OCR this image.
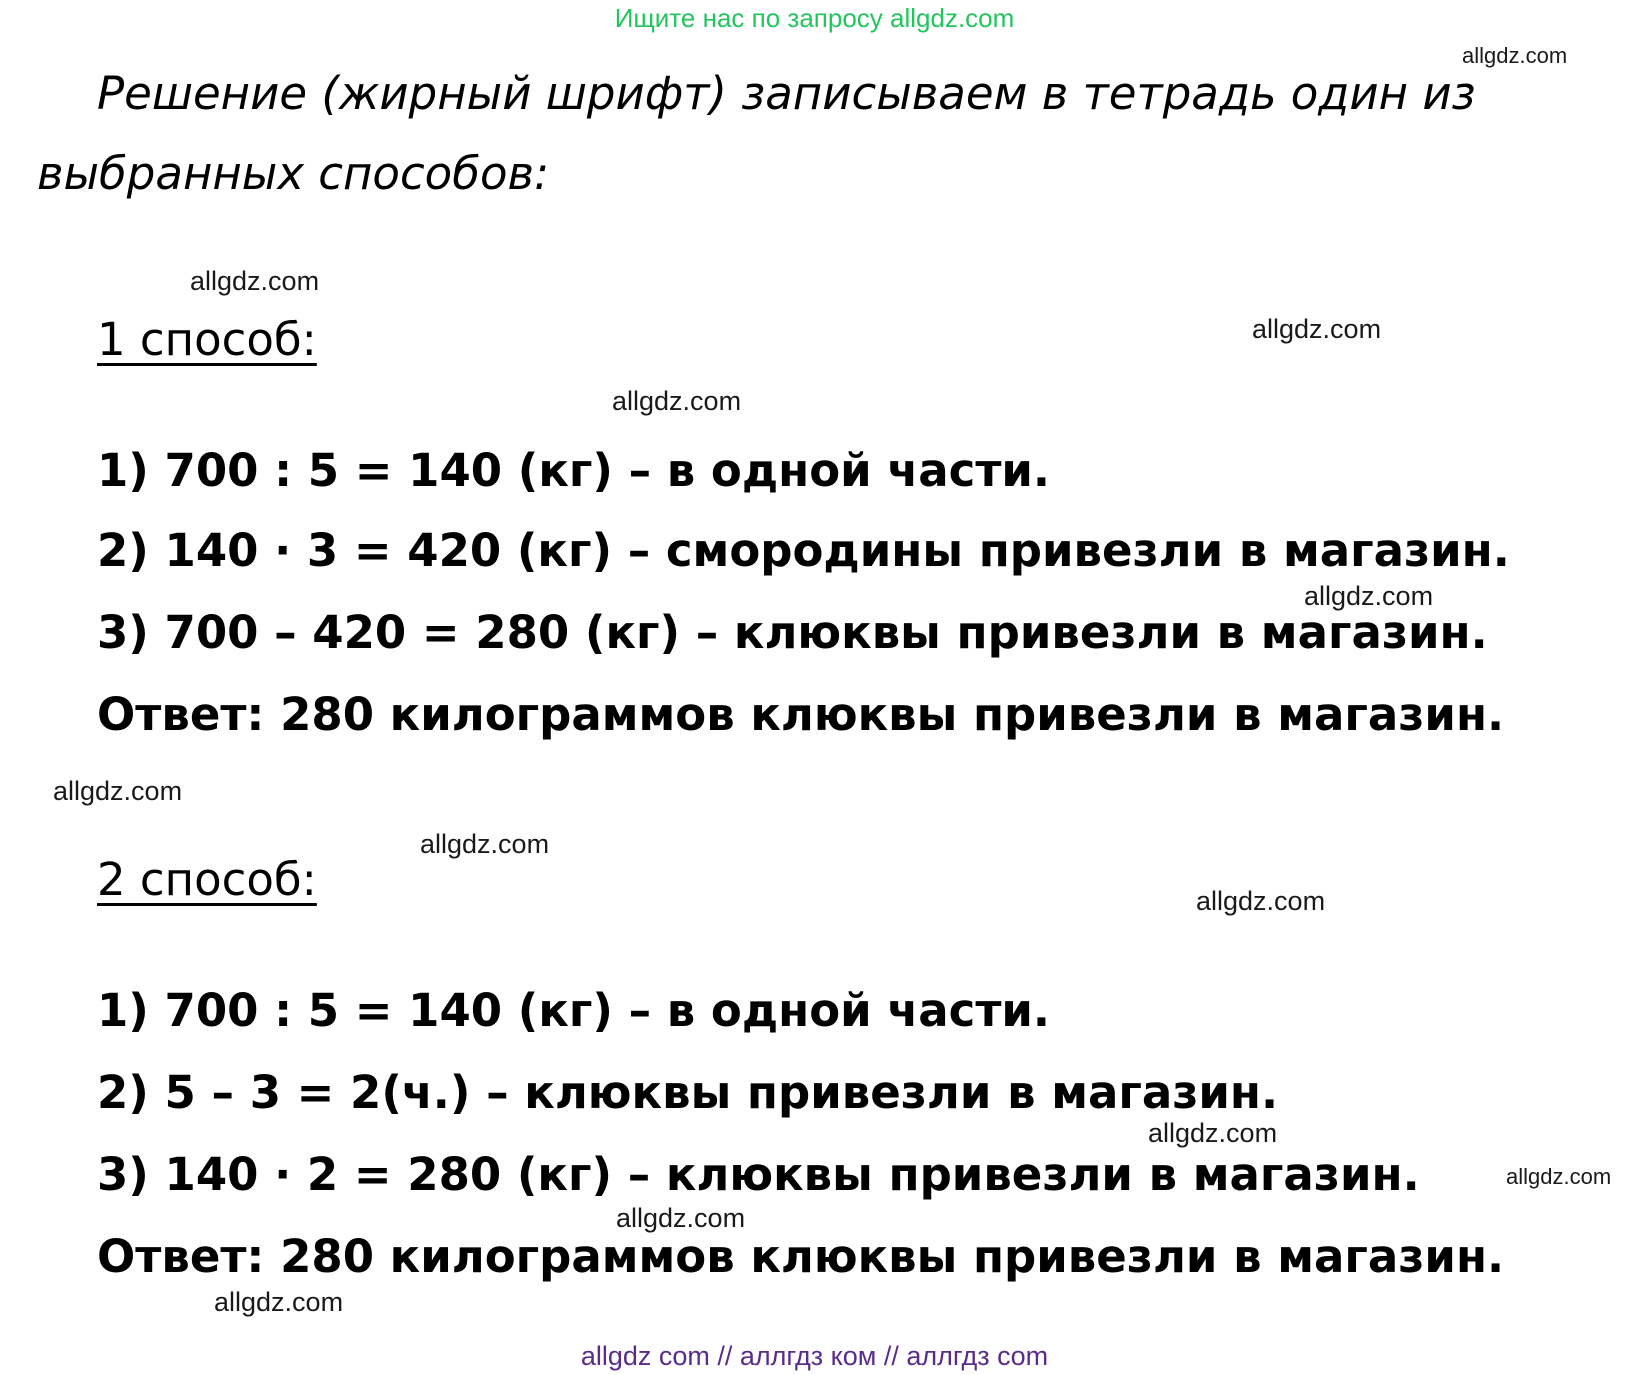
Ищите нас по запросу allgdz.com
Решение (жирный шрифт) записываем в тетрадь один из
выбранных способов:
1 способ:
1) 700 : 5 = 140 (кг) – в одной части.
2) 140 · 3 = 420 (кг) – смородины привезли в магазин.
3) 700 – 420 = 280 (кг) – клюквы привезли в магазин.
Ответ: 280 килограммов клюквы привезли в магазин.
2 способ:
1) 700 : 5 = 140 (кг) – в одной части.
2) 5 – 3 = 2(ч.) – клюквы привезли в магазин.
3) 140 · 2 = 280 (кг) – клюквы привезли в магазин.
Ответ: 280 килограммов клюквы привезли в магазин.
allgdz.com
allgdz.com
allgdz.com
allgdz.com
allgdz.com
allgdz.com
allgdz.com
allgdz.com
allgdz.com
allgdz.com
allgdz.com
allgdz.com
allgdz com // аллгдз ком // аллгдз com
